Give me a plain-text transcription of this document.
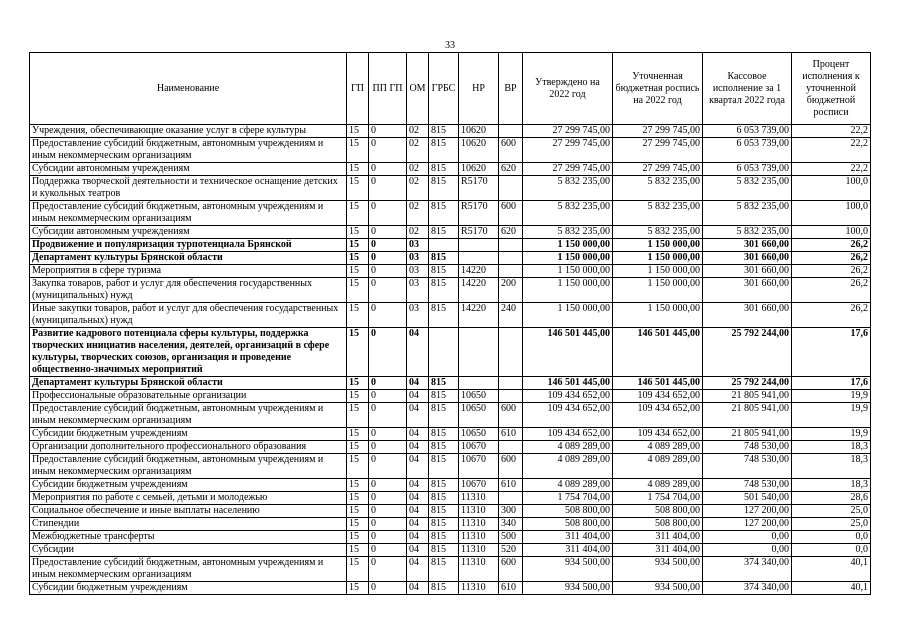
33
Наименование	ГП	ПП ГП	ОМ	ГРБС	НР	ВР	Утверждено на 2022 год	Уточненная бюджетная роспись на 2022 год	Кассовое исполнение за 1 квартал 2022 года	Процент исполнения к уточненной бюджетной росписи
Учреждения, обеспечивающие оказание услуг в сфере культуры	15	0	02	815	10620		27 299 745,00	27 299 745,00	6 053 739,00	22,2
Предоставление субсидий бюджетным, автономным учреждениям и иным некоммерческим организациям	15	0	02	815	10620	600	27 299 745,00	27 299 745,00	6 053 739,00	22,2
Субсидии автономным учреждениям	15	0	02	815	10620	620	27 299 745,00	27 299 745,00	6 053 739,00	22,2
Поддержка творческой деятельности и техническое оснащение детских и кукольных театров	15	0	02	815	R5170		5 832 235,00	5 832 235,00	5 832 235,00	100,0
Предоставление субсидий бюджетным, автономным учреждениям и иным некоммерческим организациям	15	0	02	815	R5170	600	5 832 235,00	5 832 235,00	5 832 235,00	100,0
Субсидии автономным учреждениям	15	0	02	815	R5170	620	5 832 235,00	5 832 235,00	5 832 235,00	100,0
Продвижение и популяризация турпотенциала Брянской	15	0	03				1 150 000,00	1 150 000,00	301 660,00	26,2
Департамент культуры Брянской области	15	0	03	815			1 150 000,00	1 150 000,00	301 660,00	26,2
Мероприятия в сфере туризма	15	0	03	815	14220		1 150 000,00	1 150 000,00	301 660,00	26,2
Закупка товаров, работ и услуг для обеспечения государственных (муниципальных) нужд	15	0	03	815	14220	200	1 150 000,00	1 150 000,00	301 660,00	26,2
Иные закупки товаров, работ и услуг для обеспечения государственных (муниципальных) нужд	15	0	03	815	14220	240	1 150 000,00	1 150 000,00	301 660,00	26,2
Развитие кадрового потенциала сферы культуры, поддержка творческих инициатив населения, деятелей, организаций в сфере культуры, творческих союзов, организация и проведение общественно-значимых мероприятий	15	0	04				146 501 445,00	146 501 445,00	25 792 244,00	17,6
Департамент культуры Брянской области	15	0	04	815			146 501 445,00	146 501 445,00	25 792 244,00	17,6
Профессиональные образовательные организации	15	0	04	815	10650		109 434 652,00	109 434 652,00	21 805 941,00	19,9
Предоставление субсидий бюджетным, автономным учреждениям и иным некоммерческим организациям	15	0	04	815	10650	600	109 434 652,00	109 434 652,00	21 805 941,00	19,9
Субсидии бюджетным учреждениям	15	0	04	815	10650	610	109 434 652,00	109 434 652,00	21 805 941,00	19,9
Организации дополнительного профессионального образования	15	0	04	815	10670		4 089 289,00	4 089 289,00	748 530,00	18,3
Предоставление субсидий бюджетным, автономным учреждениям и иным некоммерческим организациям	15	0	04	815	10670	600	4 089 289,00	4 089 289,00	748 530,00	18,3
Субсидии бюджетным учреждениям	15	0	04	815	10670	610	4 089 289,00	4 089 289,00	748 530,00	18,3
Мероприятия по работе с семьей, детьми и молодежью	15	0	04	815	11310		1 754 704,00	1 754 704,00	501 540,00	28,6
Социальное обеспечение и иные выплаты населению	15	0	04	815	11310	300	508 800,00	508 800,00	127 200,00	25,0
Стипендии	15	0	04	815	11310	340	508 800,00	508 800,00	127 200,00	25,0
Межбюджетные трансферты	15	0	04	815	11310	500	311 404,00	311 404,00	0,00	0,0
Субсидии	15	0	04	815	11310	520	311 404,00	311 404,00	0,00	0,0
Предоставление субсидий бюджетным, автономным учреждениям и иным некоммерческим организациям	15	0	04	815	11310	600	934 500,00	934 500,00	374 340,00	40,1
Субсидии бюджетным учреждениям	15	0	04	815	11310	610	934 500,00	934 500,00	374 340,00	40,1
